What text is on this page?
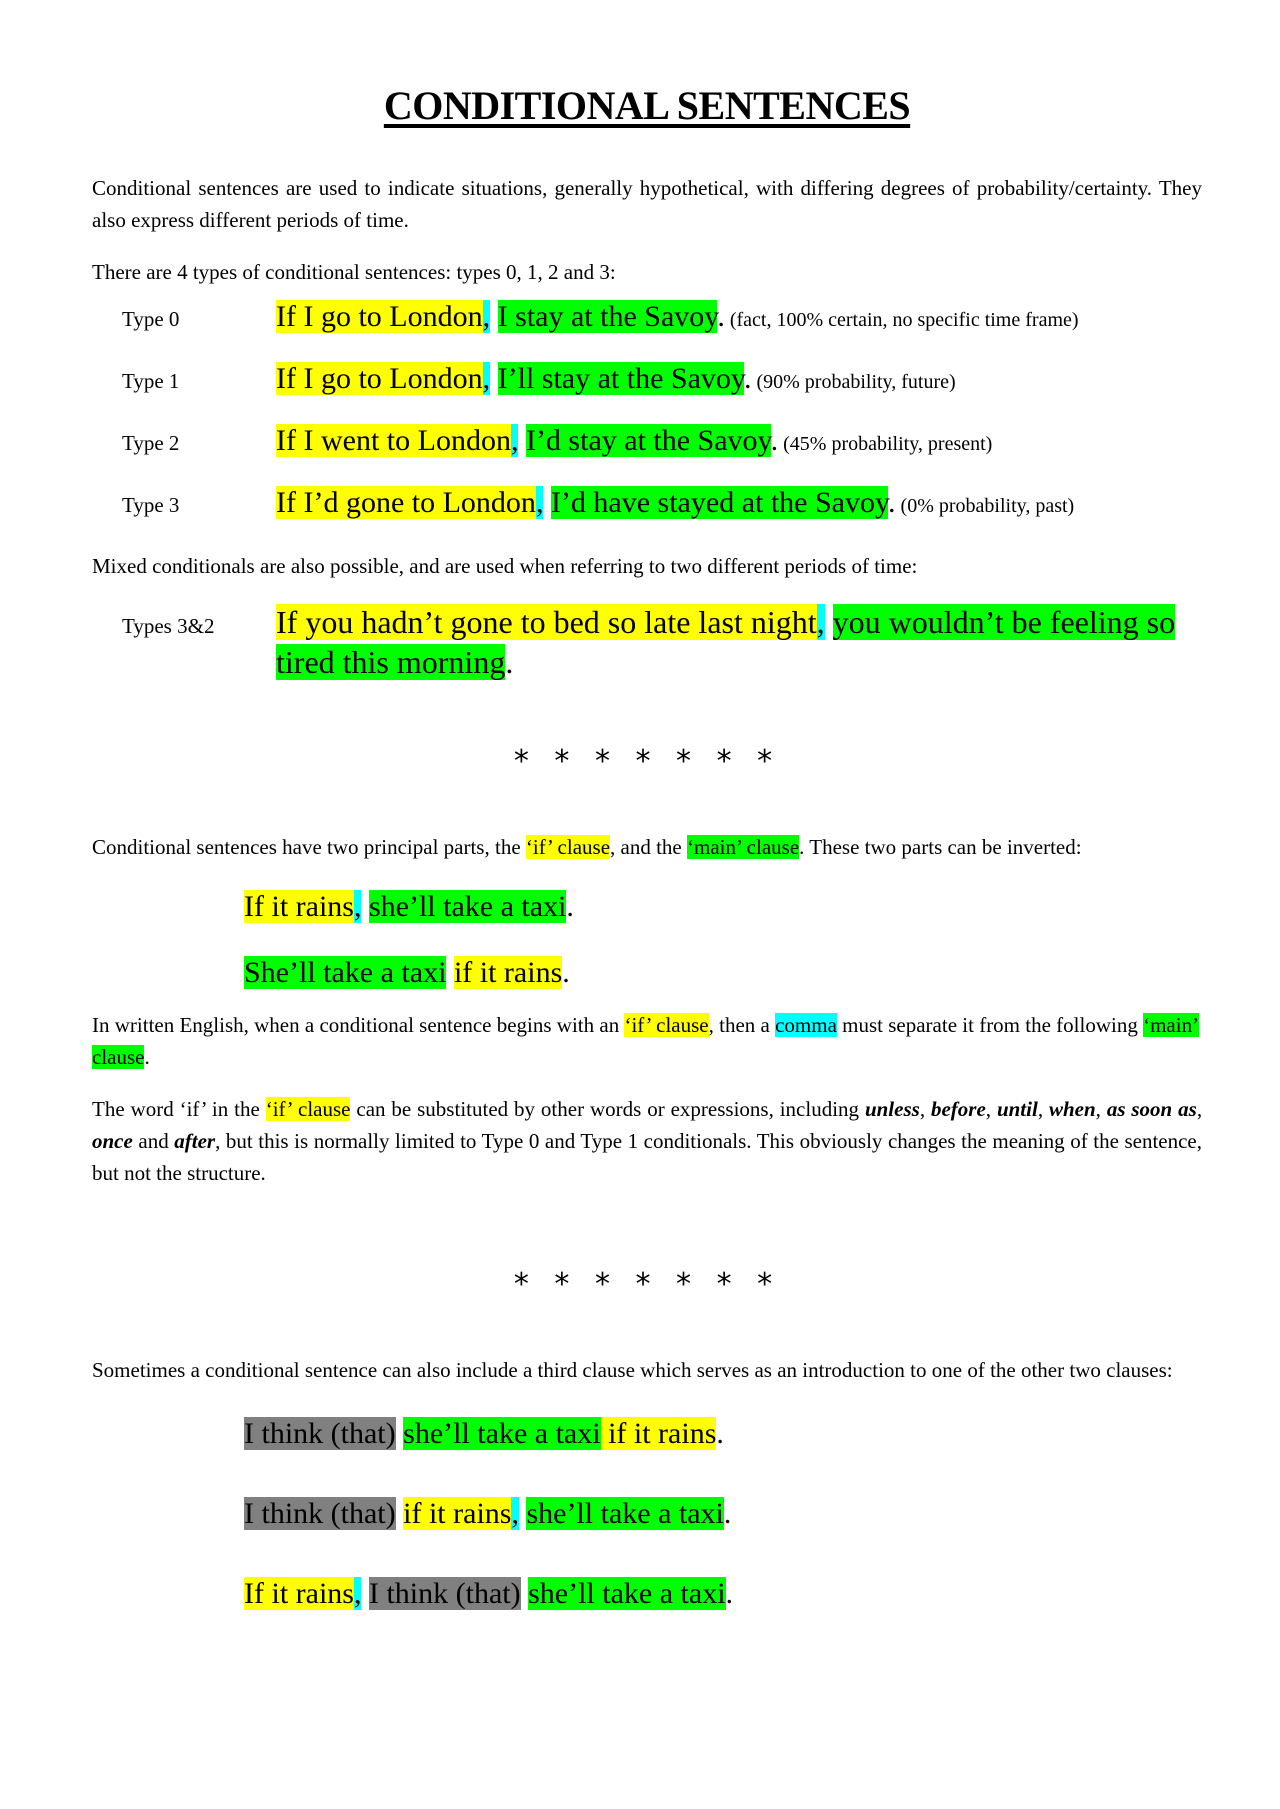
CONDITIONAL SENTENCES

Conditional sentences are used to indicate situations, generally hypothetical, with differing degrees of probability/certainty. They also express different periods of time.

There are 4 types of conditional sentences: types 0, 1, 2 and 3:

Type 0	If I go to London, I stay at the Savoy. (fact, 100% certain, no specific time frame)
Type 1	If I go to London, I’ll stay at the Savoy. (90% probability, future)
Type 2	If I went to London, I’d stay at the Savoy. (45% probability, present)
Type 3	If I’d gone to London, I’d have stayed at the Savoy. (0% probability, past)

Mixed conditionals are also possible, and are used when referring to two different periods of time:

Types 3&2	If you hadn’t gone to bed so late last night, you wouldn’t be feeling so tired this morning.
* * * * * * *

Conditional sentences have two principal parts, the ‘if’ clause, and the ‘main’ clause. These two parts can be inverted:

If it rains, she’ll take a taxi.
She’ll take a taxi if it rains.

In written English, when a conditional sentence begins with an ‘if’ clause, then a comma must separate it from the following ‘main’ clause.

The word ‘if’ in the ‘if’ clause can be substituted by other words or expressions, including unless, before, until, when, as soon as, once and after, but this is normally limited to Type 0 and Type 1 conditionals. This obviously changes the meaning of the sentence, but not the structure.

* * * * * * *

Sometimes a conditional sentence can also include a third clause which serves as an introduction to one of the other two clauses:

I think (that) she’ll take a taxi if it rains.
I think (that) if it rains, she’ll take a taxi.
If it rains, I think (that) she’ll take a taxi.
